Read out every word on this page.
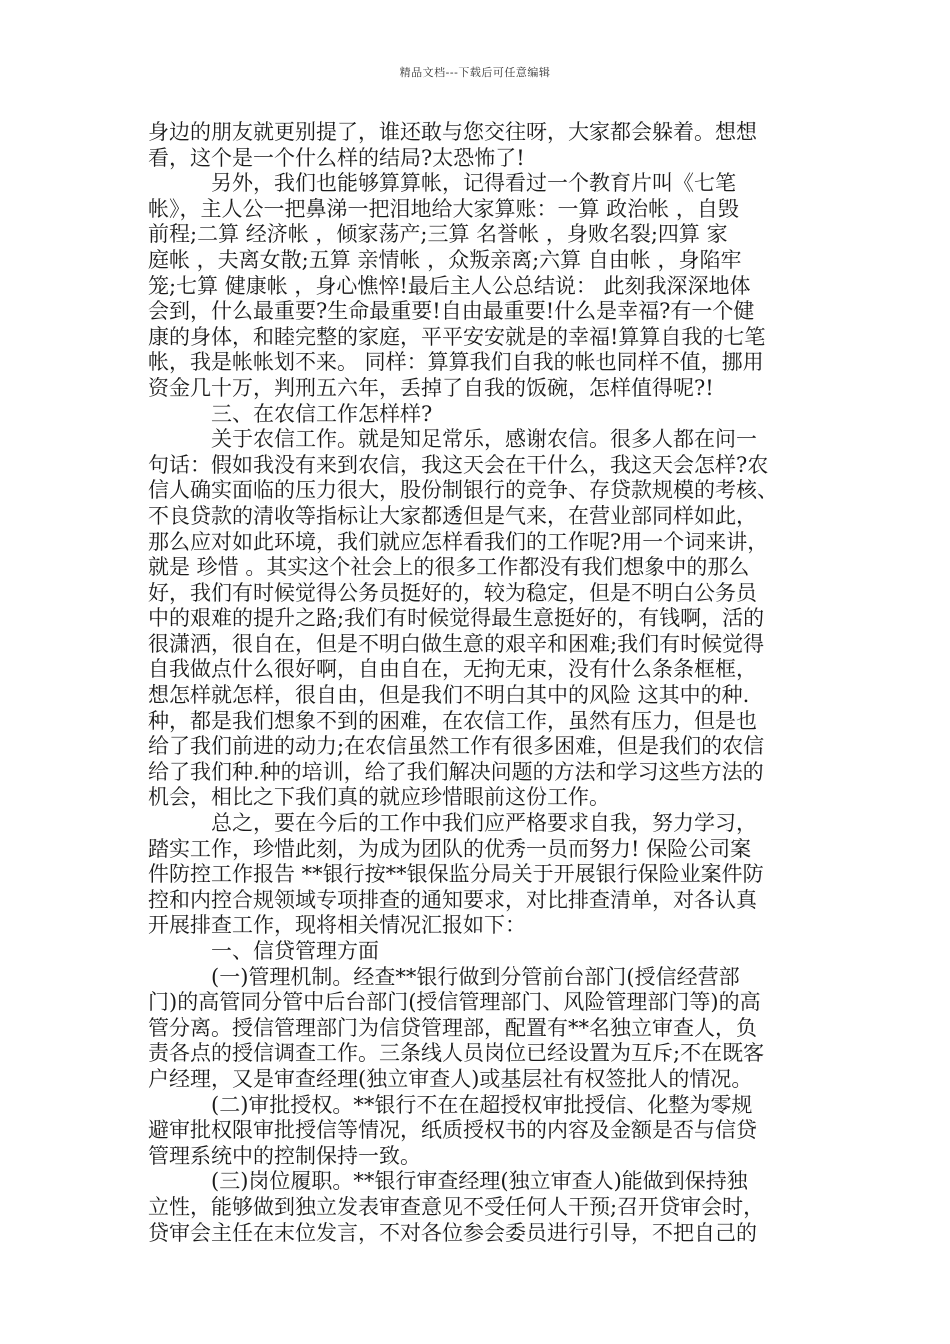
精品文档---下载后可任意编辑
身边的朋友就更别提了，谁还敢与您交往呀，大家都会躲着。想想
看，这个是一个什么样的结局?太恐怖了!
另外，我们也能够算算帐，记得看过一个教育片叫《七笔
帐》，主人公一把鼻涕一把泪地给大家算账：一算 政治帐 ，自毁
前程;二算 经济帐 ，倾家荡产;三算 名誉帐 ，身败名裂;四算 家
庭帐 ，夫离女散;五算 亲情帐 ，众叛亲离;六算 自由帐 ，身陷牢
笼;七算 健康帐 ，身心憔悴!最后主人公总结说： 此刻我深深地体
会到，什么最重要?生命最重要!自由最重要!什么是幸福?有一个健
康的身体，和睦完整的家庭，平平安安就是的幸福!算算自我的七笔
帐，我是帐帐划不来。 同样：算算我们自我的帐也同样不值，挪用
资金几十万，判刑五六年，丢掉了自我的饭碗，怎样值得呢?!
三、在农信工作怎样样?
关于农信工作。就是知足常乐，感谢农信。很多人都在问一
句话：假如我没有来到农信，我这天会在干什么，我这天会怎样?农
信人确实面临的压力很大，股份制银行的竞争、存贷款规模的考核、
不良贷款的清收等指标让大家都透但是气来，在营业部同样如此，
那么应对如此环境，我们就应怎样看我们的工作呢?用一个词来讲，
就是 珍惜 。其实这个社会上的很多工作都没有我们想象中的那么
好，我们有时候觉得公务员挺好的，较为稳定，但是不明白公务员
中的艰难的提升之路;我们有时候觉得最生意挺好的，有钱啊，活的
很潇洒，很自在，但是不明白做生意的艰辛和困难;我们有时候觉得
自我做点什么很好啊，自由自在，无拘无束，没有什么条条框框，
想怎样就怎样，很自由，但是我们不明白其中的风险 这其中的种.
种，都是我们想象不到的困难，在农信工作，虽然有压力，但是也
给了我们前进的动力;在农信虽然工作有很多困难，但是我们的农信
给了我们种.种的培训，给了我们解决问题的方法和学习这些方法的
机会，相比之下我们真的就应珍惜眼前这份工作。
总之，要在今后的工作中我们应严格要求自我，努力学习，
踏实工作，珍惜此刻，为成为团队的优秀一员而努力! 保险公司案
件防控工作报告 **银行按**银保监分局关于开展银行保险业案件防
控和内控合规领域专项排查的通知要求，对比排查清单，对各认真
开展排查工作，现将相关情况汇报如下：
一、信贷管理方面
(一)管理机制。经查**银行做到分管前台部门(授信经营部
门)的高管同分管中后台部门(授信管理部门、风险管理部门等)的高
管分离。授信管理部门为信贷管理部，配置有**名独立审查人，负
责各点的授信调查工作。三条线人员岗位已经设置为互斥;不在既客
户经理，又是审查经理(独立审查人)或基层社有权签批人的情况。
(二)审批授权。**银行不在在超授权审批授信、化整为零规
避审批权限审批授信等情况，纸质授权书的内容及金额是否与信贷
管理系统中的控制保持一致。
(三)岗位履职。**银行审查经理(独立审查人)能做到保持独
立性，能够做到独立发表审查意见不受任何人干预;召开贷审会时，
贷审会主任在末位发言，不对各位参会委员进行引导，不把自己的
